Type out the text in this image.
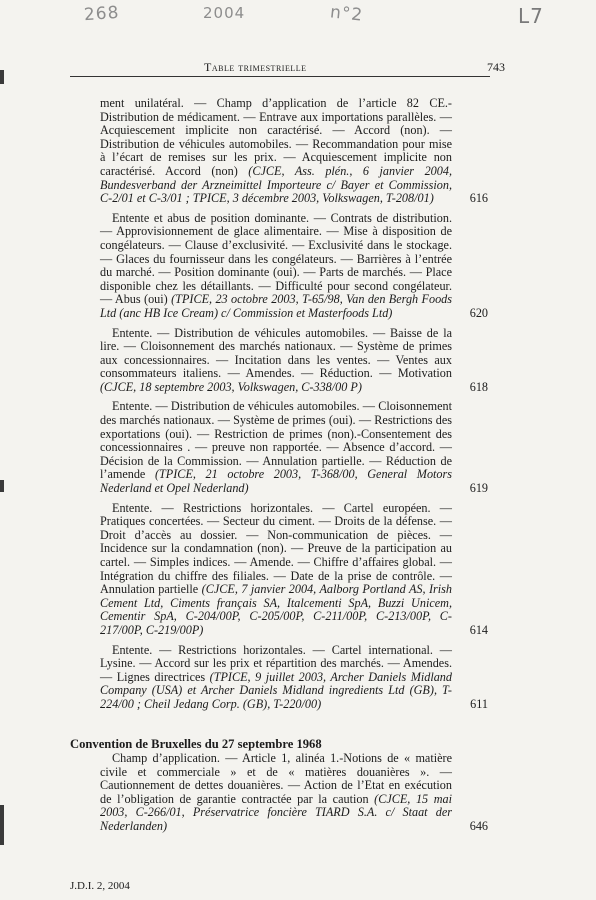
268	2004	n°2	L7
Table trimestrielle	743
ment unilatéral. — Champ d’application de l’article 82 CE.-Distribution de médicament. — Entrave aux importations parallèles. — Acquiescement implicite non caractérisé. — Accord (non). — Distribution de véhicules automobiles. — Recommandation pour mise à l’écart de remises sur les prix. — Acquiescement implicite non caractérisé. Accord (non) (CJCE, Ass. plén., 6 janvier 2004, Bundesverband der Arzneimittel Importeure c/ Bayer et Commission, C-2/01 et C-3/01 ; TPICE, 3 décembre 2003, Volkswagen, T-208/01)	616
Entente et abus de position dominante. — Contrats de distribution. — Approvisionnement de glace alimentaire. — Mise à disposition de congélateurs. — Clause d’exclusivité. — Exclusivité dans le stockage. — Glaces du fournisseur dans les congélateurs. — Barrières à l’entrée du marché. — Position dominante (oui). — Parts de marchés. — Place disponible chez les détaillants. — Difficulté pour second congélateur. — Abus (oui) (TPICE, 23 octobre 2003, T-65/98, Van den Bergh Foods Ltd (anc HB Ice Cream) c/ Commission et Masterfoods Ltd)	620
Entente. — Distribution de véhicules automobiles. — Baisse de la lire. — Cloisonnement des marchés nationaux. — Système de primes aux concessionnaires. — Incitation dans les ventes. — Ventes aux consommateurs italiens. — Amendes. — Réduction. — Motivation (CJCE, 18 septembre 2003, Volkswagen, C-338/00 P)	618
Entente. — Distribution de véhicules automobiles. — Cloisonnement des marchés nationaux. — Système de primes (oui). — Restrictions des exportations (oui). — Restriction de primes (non).-Consentement des concessionnaires . — preuve non rapportée. — Absence d’accord. — Décision de la Commission. — Annulation partielle. — Réduction de l’amende (TPICE, 21 octobre 2003, T-368/00, General Motors Nederland et Opel Nederland)	619
Entente. — Restrictions horizontales. — Cartel européen. — Pratiques concertées. — Secteur du ciment. — Droits de la défense. — Droit d’accès au dossier. — Non-communication de pièces. — Incidence sur la condamnation (non). — Preuve de la participation au cartel. — Simples indices. — Amende. — Chiffre d’affaires global. — Intégration du chiffre des filiales. — Date de la prise de contrôle. — Annulation partielle (CJCE, 7 janvier 2004, Aalborg Portland AS, Irish Cement Ltd, Ciments français SA, Italcementi SpA, Buzzi Unicem, Cementir SpA, C-204/00P, C-205/00P, C-211/00P, C-213/00P, C-217/00P, C-219/00P)	614
Entente. — Restrictions horizontales. — Cartel international. — Lysine. — Accord sur les prix et répartition des marchés. — Amendes. — Lignes directrices (TPICE, 9 juillet 2003, Archer Daniels Midland Company (USA) et Archer Daniels Midland ingredients Ltd (GB), T-224/00 ; Cheil Jedang Corp. (GB), T-220/00)	611
Convention de Bruxelles du 27 septembre 1968
Champ d’application. — Article 1, alinéa 1.-Notions de « matière civile et commerciale » et de « matières douanières ». — Cautionnement de dettes douanières. — Action de l’Etat en exécution de l’obligation de garantie contractée par la caution (CJCE, 15 mai 2003, C-266/01, Préservatrice foncière TIARD S.A. c/ Staat der Nederlanden)	646
J.D.I. 2, 2004
